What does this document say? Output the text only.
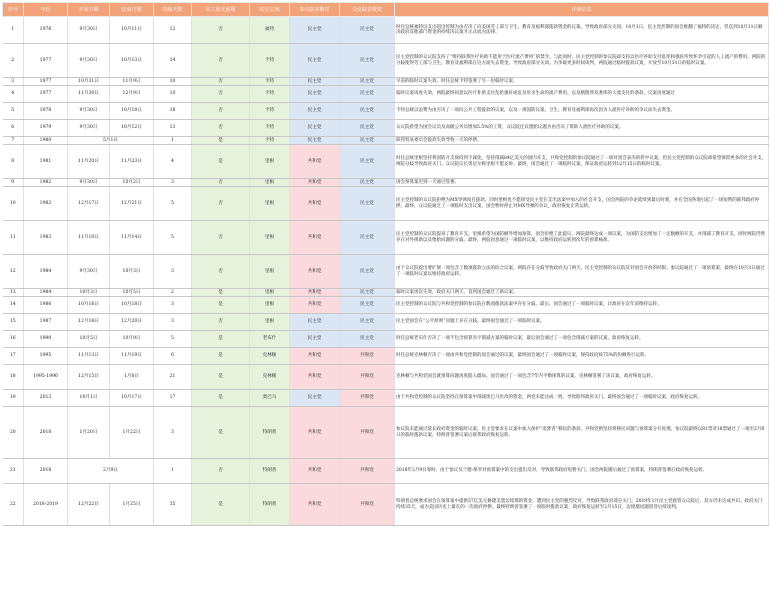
序号	年份	开始日期	结束日期	持续天数	员工放无薪假	时任总统	参议院多数党	众议院多数党	详细信息
1	1976	9月30日	10月11日	12	否	福特	民主党	民主党	时任总统福特以支出超出控制为由否决了向美国劳工部与卫生、教育及福利部拨款资金的议案。导致政府部分关闭。10月1日，民主党控制的国会推翻了福特的决定，但直到10月11日解决政府其他部门资金的持续决议案才正式成为法律。
2	1977	9月30日	10月13日	14	否	卡特	民主党	民主党	民主党控制的众议院支持了“维持联邦医疗补助不能用于医疗流产费用”的禁令，与此同时，民主党控制的参议院却支持以医疗补助支付乱伦和强奸所致怀孕引起的人工流产的费用。两院的分歧使得劳工部与卫生、教育及福利部在这方面失去资金，导致政府部分关闭。为争取更多时间谈判，两院通过临时拨款议案，开放至10月31日的临时议案。
3	1977	10月31日	11月9日	10	否	卡特	民主党	民主党	早前的临时议案失效，时任总统卡特签署了另一份临时议案。
4	1977	11月30日	12月9日	10	否	卡特	民主党	民主党	临时议案再度失效，两院最终同意以医疗补助支付乱伦强奸或危及母亲生命的流产费用。以及梳理涉及奢侈的人流支付的条款，议案再度通过
5	1978	9月30日	10月18日	18	否	卡特	民主党	民主党	卡特总统以浪费为由否决了一项向公共工程拨款的议案，以及一项国防议案。卫生、教育及福利部再次因为人流医疗补助的争议而失去资金。
6	1979	9月30日	10月12日	13	否	卡特	民主党	民主党	众议院希望为国会议员及高级公务员增加5.5%的工资，众议院还以堕胎议题为由否决了资助人流医疗补助的议案。
7	1980	5月1日		1	是	卡特	民主党	民主党	联邦贸易委员会拨款失效导致一天的停摆。
8	1981	11月20日	11月23日	4	是	里根	共和党	民主党	时任总统里根坚持将国防开支保持到不减免，坚持削减84亿美元的国内开支。共和党控制的参议院通过了一项对国会表决的折中议案，但民主党控制的众议院却希望保留更多的社会开支，两院分歧导致政府关门。众议院议长奥尼尔称里根不愿妥协。最终，国会通过了一项临时议案，保证政府运转到12月15日的临时议案。
9	1982	9月30日	10月2日	3	否	里根	共和党	民主党	国会预算案迟到一天通过签署。
10	1982	12月17日	12月21日	5	否	里根	共和党	民主党	民主党控制的众议院拒绝为MX导弹项目拨款，同时里根也不愿接受民主党在支出法案中加入的社会开支。国会两院的争论延续到最后时刻，并在全国各地引起了一场短暂的联邦政府停摆。最终，众议院通过了一项临时支出议案，国会暂时停止对MX导弹的争议，政府恢复正常运转。
11	1983	11月10日	11月14日	5	否	里根	共和党	民主党	民主党控制的众议院提高了教育开支，里根希望为国防额外增加预算，国会拒绝了此提议。两院最终达成一项议案，为国防支出增加了一定数额的开支，并削减了教育开支。同时两院仍然存在对外援助以及堕胎问题的分歧。最终，两院同意通过一项临时议案，以维持政府运转到次年的预算核准。
12	1984	9月30日	10月3日	3	否	里根	共和党	民主党	由于众议院提出要扩展一项包含了数项拨款立法的综合议案，两院存在分歧导致政府关门两天，民主党控制的众议院反对国会开放的时限。参议院通过了一项预算案，最终在10月3日通过了一项临时议案以维持政府运转。
13	1984	10月3日	10月5日	2	是	里根	共和党	民主党	临时议案再次失效，政府关门两天，直到国会通过了新议案。
14	1986	10月16日	10月18日	3	是	里根	共和党	民主党	民主党控制的众议院与共和党控制的参议院在数项拨款法案中存在分歧。最后，国会通过了一项临时议案，让政府在次年前维持运转。
15	1987	12月18日	12月20日	3	否	里根	民主党	民主党	民主党国会在“公平原则”问题上存在分歧，最终国会通过了一项临时议案。
16	1990	10月5日	10月9日	5	是	老布什	民主党	民主党	时任总统老布什否决了一项不包含预算赤字削减方案的临时议案，最后国会通过了一项包含削减方案的议案，政府恢复运转。
17	1995	11月13日	11月19日	6	是	克林顿	共和党	共和党	时任总统克林顿否决了一项由共和党控制的国会通过的议案，最终国会通过了一项临时议案，保持政府按75%的份额进行运转。
18	1995-1996	12月15日	1月6日	21	是	克林顿	共和党	共和党	克林顿与共和党国会就预算问题再度陷入僵局。国会通过了一项包含7年内平衡预算的议案，克林顿签署了该议案，政府恢复运转。
19	2013	10月1日	10月17日	17	是	奥巴马	民主党	共和党	由于共和党控制的众议院坚持在预算案中削减奥巴马医改的资金，两党未能达成一致，导致联邦政府关门。最终国会通过了一项临时议案，政府恢复运转。
20	2018	1月20日	1月22日	3	是	特朗普	共和党	共和党	参议院未能通过延长政府资金的临时议案，民主党要求在议案中加入保护“追梦者”移民的条款，共和党则坚持将移民问题与预算案分开处理。参议院最终以81票对18票通过了一项至2月8日的临时拨款议案，特朗普签署议案后联邦政府恢复运转。
21	2018	2月9日		1	否	特朗普	共和党	共和党	2018年2月9日零时，由于参议员兰德·保罗对预算案中的支出提出反对，导致联邦政府短暂关门。国会两院随后通过了预算案，特朗普签署后政府恢复运转。
22	2018-2019	12月22日	1月25日	35	是	特朗普	共和党	共和党	特朗普总统要求国会在预算案中提供57亿美元修建美墨边境墙的资金，遭到民主党的强烈反对，导致联邦政府部分关门。2019年1月民主党接管众议院后，双方仍未达成共识。政府关门持续35天，成为美国历史上最长的一次政府停摆。最终特朗普签署了一项临时拨款议案，政府恢复运转至2月15日，边境墙问题留待后续谈判。
